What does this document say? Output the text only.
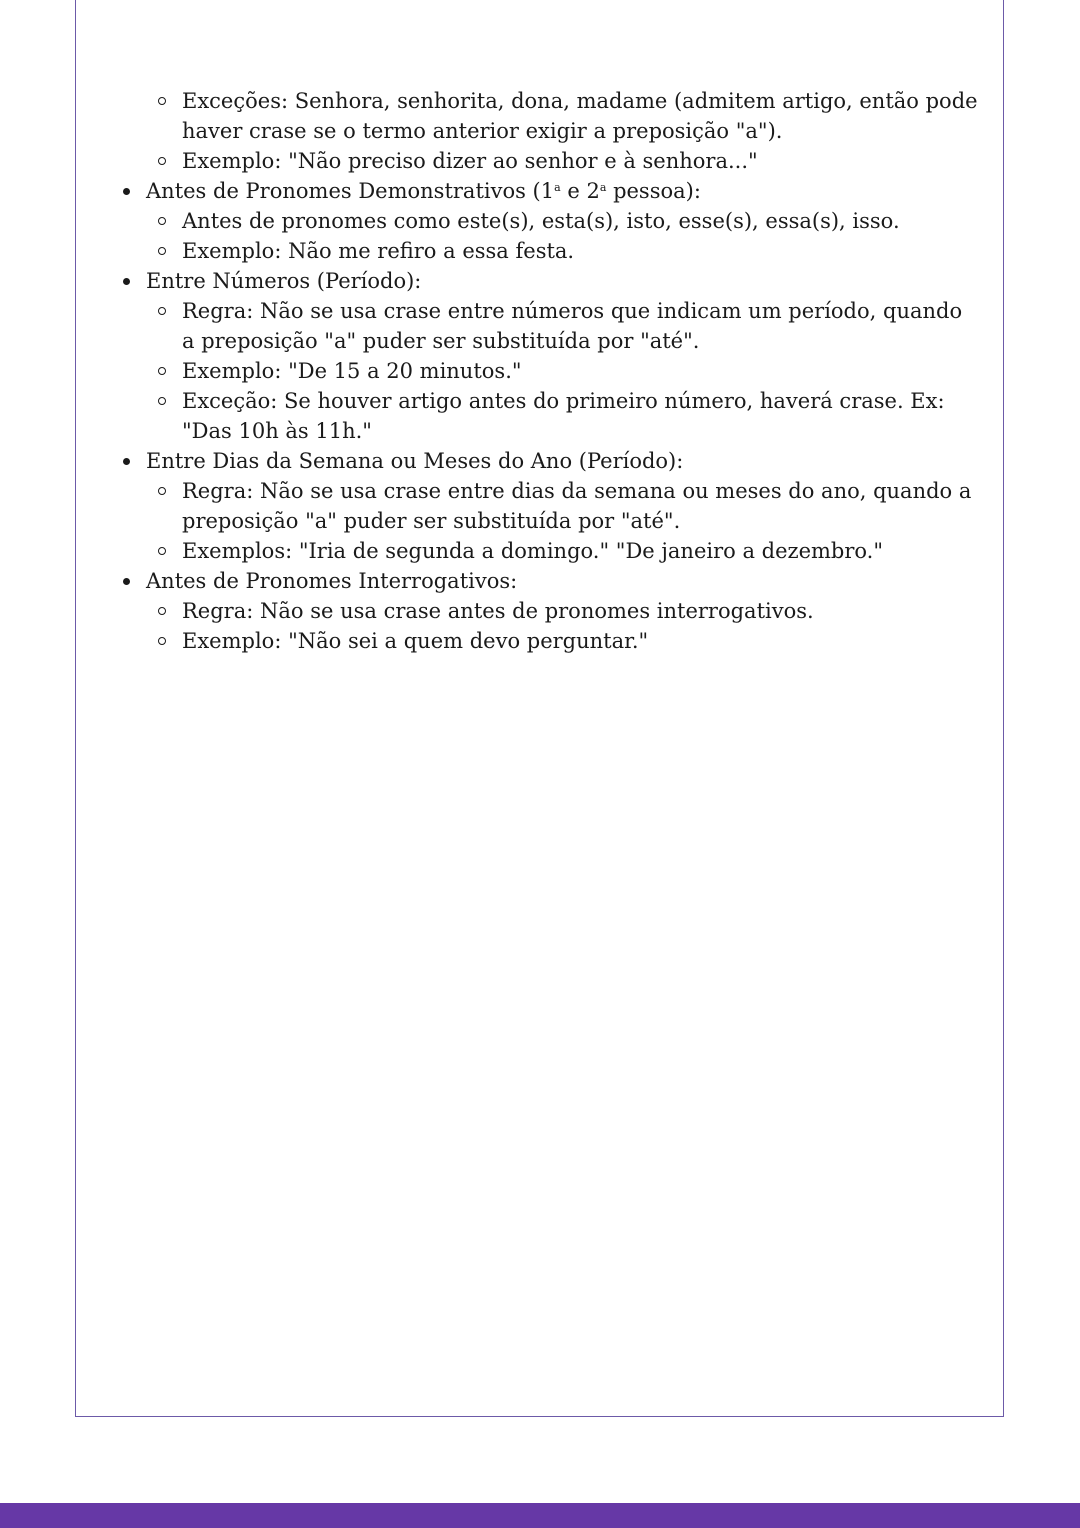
Exceções: Senhora, senhorita, dona, madame (admitem artigo, então pode haver crase se o termo anterior exigir a preposição "a").
Exemplo: "Não preciso dizer ao senhor e à senhora..."
Antes de Pronomes Demonstrativos (1$^a$ e 2$^a$ pessoa):
Antes de pronomes como este(s), esta(s), isto, esse(s), essa(s), isso.
Exemplo: Não me refiro a essa festa.
Entre Números (Período):
Regra: Não se usa crase entre números que indicam um período, quando a preposição "a" puder ser substituída por "até".
Exemplo: "De 15 a 20 minutos."
Exceção: Se houver artigo antes do primeiro número, haverá crase. Ex: "Das 10h às 11h."
Entre Dias da Semana ou Meses do Ano (Período):
Regra: Não se usa crase entre dias da semana ou meses do ano, quando a preposição "a" puder ser substituída por "até".
Exemplos: "Iria de segunda a domingo." "De janeiro a dezembro."
Antes de Pronomes Interrogativos:
Regra: Não se usa crase antes de pronomes interrogativos.
Exemplo: "Não sei a quem devo perguntar."
